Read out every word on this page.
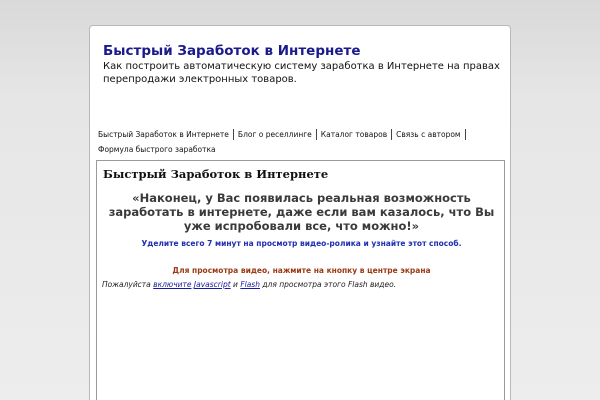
Быстрый Заработок в Интернете
Как построить автоматическую систему заработка в Интернете на правах перепродажи электронных товаров.
Быстрый Заработок в Интернете	Блог о реселлинге	Каталог товаров	Связь с автором
Формула быстрого заработка
Быстрый Заработок в Интернете
«Наконец, у Вас появилась реальная возможность заработать в интернете, даже если вам казалось, что Вы уже испробовали все, что можно!»
Уделите всего 7 минут на просмотр видео-ролика и узнайте этот способ.
Для просмотра видео, нажмите на кнопку в центре экрана
Пожалуйста включите Javascript и Flash для просмотра этого Flash видео.
